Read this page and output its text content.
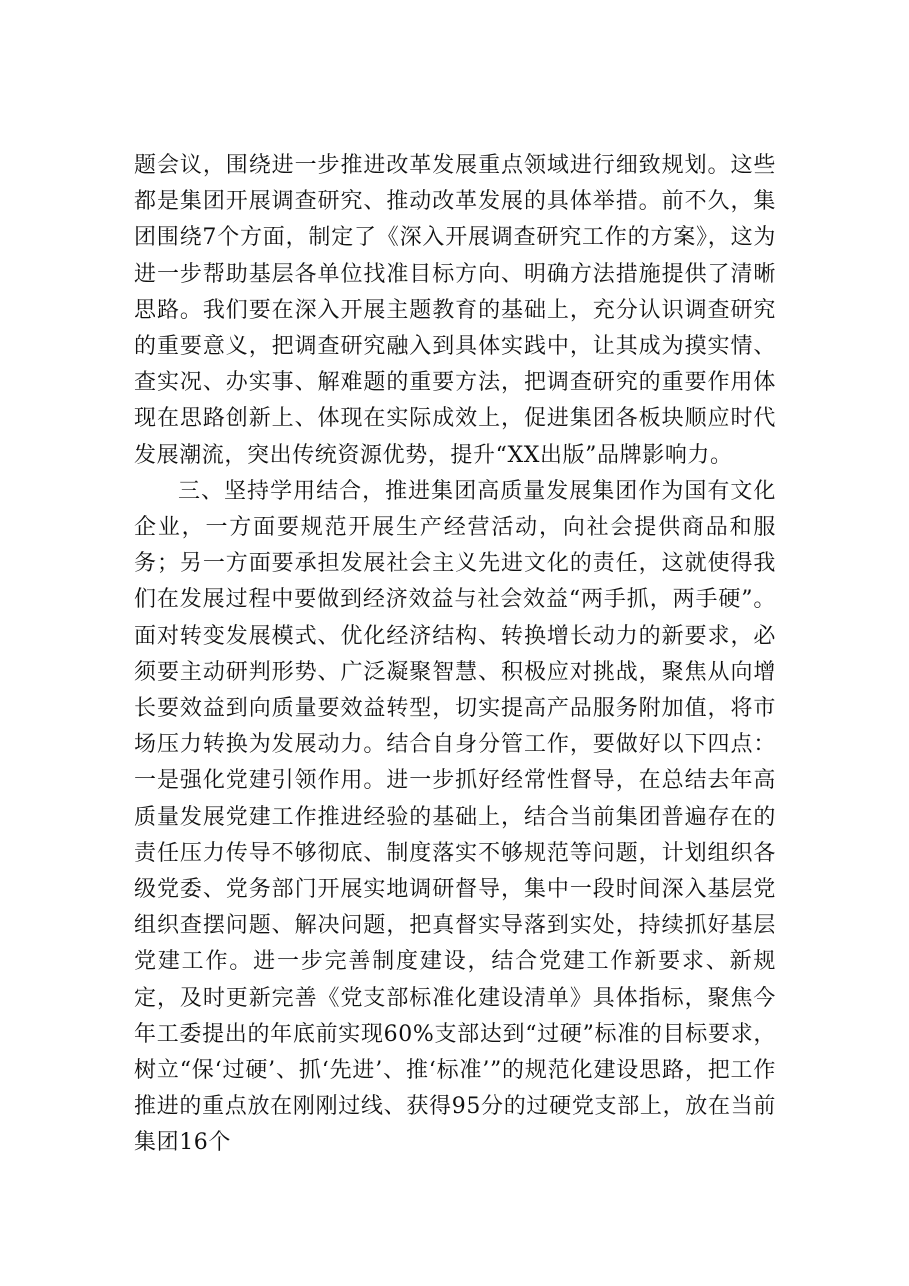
题会议，围绕进一步推进改革发展重点领域进行细致规划。这些都是集团开展调查研究、推动改革发展的具体举措。前不久，集团围绕7个方面，制定了《深入开展调查研究工作的方案》，这为进一步帮助基层各单位找准目标方向、明确方法措施提供了清晰思路。我们要在深入开展主题教育的基础上，充分认识调查研究的重要意义，把调查研究融入到具体实践中，让其成为摸实情、查实况、办实事、解难题的重要方法，把调查研究的重要作用体现在思路创新上、体现在实际成效上，促进集团各板块顺应时代发展潮流，突出传统资源优势，提升“XX出版”品牌影响力。

三、坚持学用结合，推进集团高质量发展集团作为国有文化企业，一方面要规范开展生产经营活动，向社会提供商品和服务；另一方面要承担发展社会主义先进文化的责任，这就使得我们在发展过程中要做到经济效益与社会效益“两手抓，两手硬”。面对转变发展模式、优化经济结构、转换增长动力的新要求，必须要主动研判形势、广泛凝聚智慧、积极应对挑战，聚焦从向增长要效益到向质量要效益转型，切实提高产品服务附加值，将市场压力转换为发展动力。结合自身分管工作，要做好以下四点：一是强化党建引领作用。进一步抓好经常性督导，在总结去年高质量发展党建工作推进经验的基础上，结合当前集团普遍存在的责任压力传导不够彻底、制度落实不够规范等问题，计划组织各级党委、党务部门开展实地调研督导，集中一段时间深入基层党组织查摆问题、解决问题，把真督实导落到实处，持续抓好基层党建工作。进一步完善制度建设，结合党建工作新要求、新规定，及时更新完善《党支部标准化建设清单》具体指标，聚焦今年工委提出的年底前实现60%支部达到“过硬”标准的目标要求，树立“保‘过硬’、抓‘先进’、推‘标准’”的规范化建设思路，把工作推进的重点放在刚刚过线、获得95分的过硬党支部上，放在当前集团16个
